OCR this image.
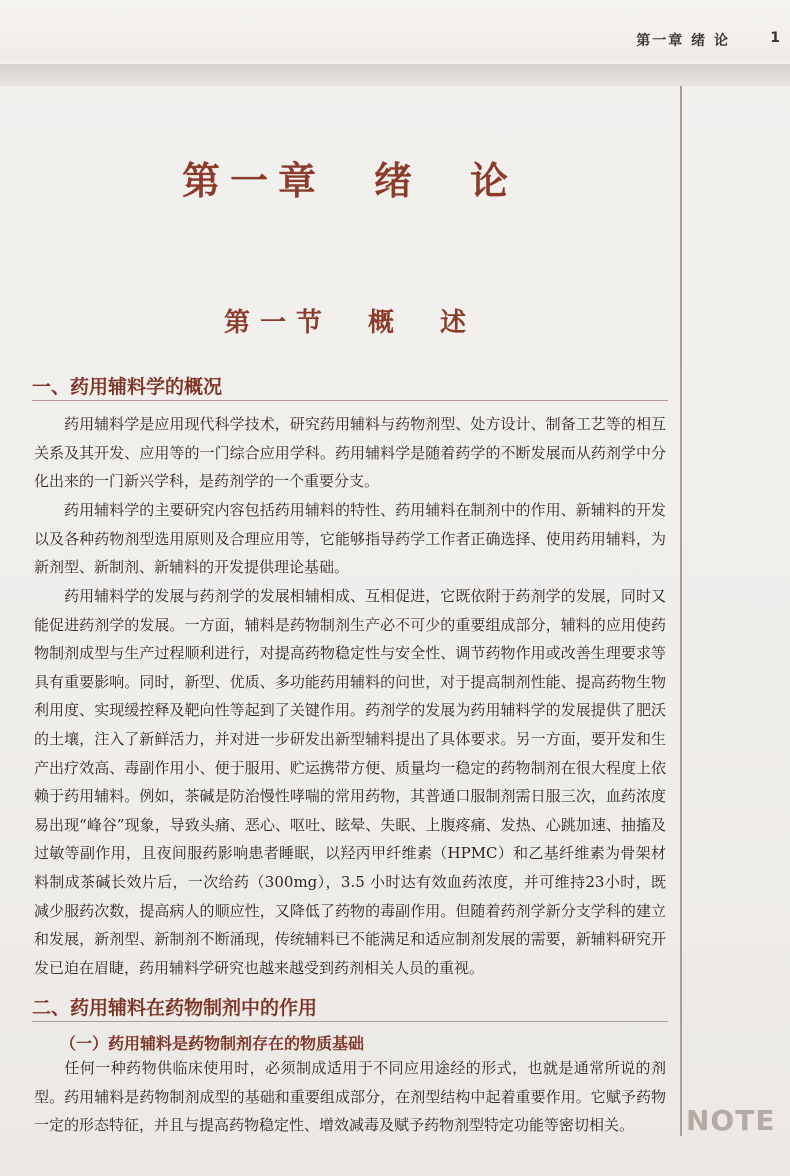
第一章 绪 论	1
第一章　绪　论
第一节　概　述
一、药用辅料学的概况
药用辅料学是应用现代科学技术，研究药用辅料与药物剂型、处方设计、制备工艺等的相互关系及其开发、应用等的一门综合应用学科。药用辅料学是随着药学的不断发展而从药剂学中分化出来的一门新兴学科，是药剂学的一个重要分支。
药用辅料学的主要研究内容包括药用辅料的特性、药用辅料在制剂中的作用、新辅料的开发以及各种药物剂型选用原则及合理应用等，它能够指导药学工作者正确选择、使用药用辅料，为新剂型、新制剂、新辅料的开发提供理论基础。
药用辅料学的发展与药剂学的发展相辅相成、互相促进，它既依附于药剂学的发展，同时又能促进药剂学的发展。一方面，辅料是药物制剂生产必不可少的重要组成部分，辅料的应用使药物制剂成型与生产过程顺利进行，对提高药物稳定性与安全性、调节药物作用或改善生理要求等具有重要影响。同时，新型、优质、多功能药用辅料的问世，对于提高制剂性能、提高药物生物利用度、实现缓控释及靶向性等起到了关键作用。药剂学的发展为药用辅料学的发展提供了肥沃的土壤，注入了新鲜活力，并对进一步研发出新型辅料提出了具体要求。另一方面，要开发和生产出疗效高、毒副作用小、便于服用、贮运携带方便、质量均一稳定的药物制剂在很大程度上依赖于药用辅料。例如，茶碱是防治慢性哮喘的常用药物，其普通口服制剂需日服三次，血药浓度易出现“峰谷”现象，导致头痛、恶心、呕吐、眩晕、失眠、上腹疼痛、发热、心跳加速、抽搐及过敏等副作用，且夜间服药影响患者睡眠，以羟丙甲纤维素（HPMC）和乙基纤维素为骨架材料制成茶碱长效片后，一次给药（300mg），3.5 小时达有效血药浓度，并可维持23小时，既减少服药次数，提高病人的顺应性，又降低了药物的毒副作用。但随着药剂学新分支学科的建立和发展，新剂型、新制剂不断涌现，传统辅料已不能满足和适应制剂发展的需要，新辅料研究开发已迫在眉睫，药用辅料学研究也越来越受到药剂相关人员的重视。
二、药用辅料在药物制剂中的作用
（一）药用辅料是药物制剂存在的物质基础
任何一种药物供临床使用时，必须制成适用于不同应用途经的形式，也就是通常所说的剂型。药用辅料是药物制剂成型的基础和重要组成部分，在剂型结构中起着重要作用。它赋予药物一定的形态特征，并且与提高药物稳定性、增效减毒及赋予药物剂型特定功能等密切相关。	NOTE
